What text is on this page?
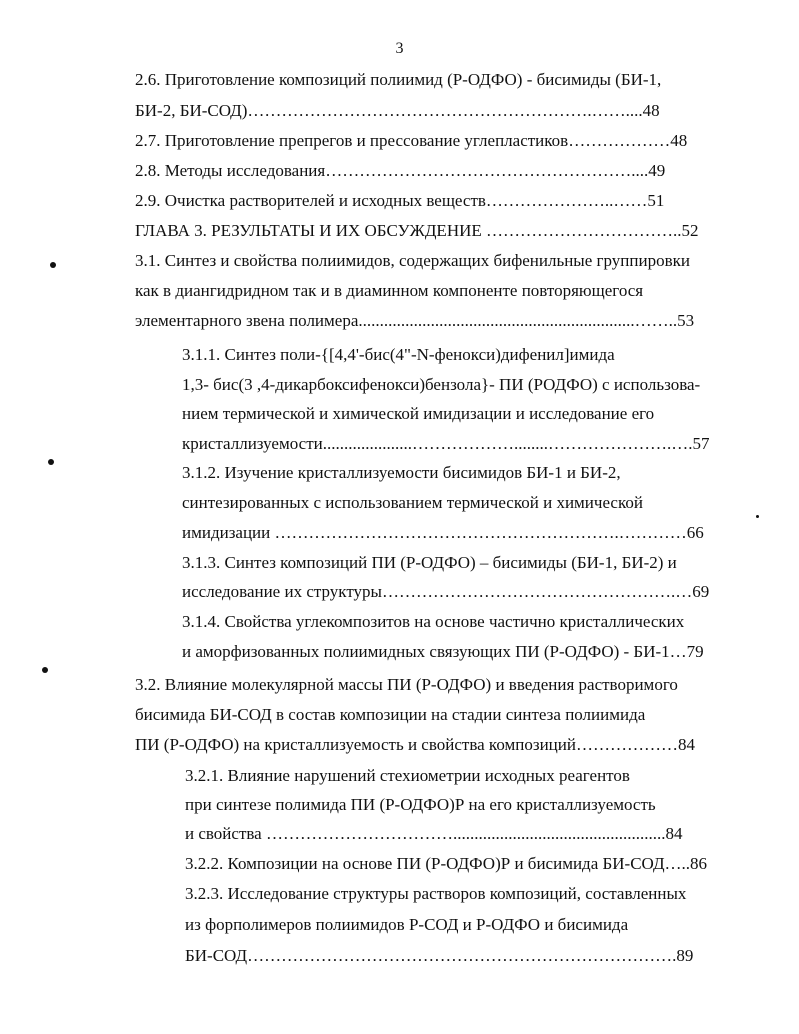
3
2.6. Приготовление композиций полиимид (Р-ОДФО) - бисимиды (БИ-1,
БИ-2, БИ-СОД)…………………………………………………….……....48
2.7. Приготовление препрегов и прессование углепластиков………………48
2.8. Методы исследования………………………………………………....49
2.9. Очистка растворителей и исходных веществ…………………..……51
ГЛАВА 3. РЕЗУЛЬТАТЫ И ИХ ОБСУЖДЕНИЕ ……………………………..52
3.1. Синтез и свойства полиимидов, содержащих бифенильные группировки
как в диангидридном так и в диаминном компоненте повторяющегося
элементарного звена полимера.................................................................……..53
3.1.1. Синтез поли-{[4,4'-бис(4"-N-фенокси)дифенил]имида
1,3- бис(3 ,4-дикарбоксифенокси)бензола}- ПИ (РОДФО) с использова-
нием термической и химической имидизации и исследование его
кристаллизуемости.....................………………........………………….….57
3.1.2. Изучение кристаллизуемости бисимидов БИ-1 и БИ-2,
синтезированных с использованием термической и химической
имидизации …………………………………………………….…………66
3.1.3. Синтез композиций ПИ (Р-ОДФО) – бисимиды (БИ-1, БИ-2) и
исследование их структуры…………………………………………….…69
3.1.4. Свойства углекомпозитов на основе частично кристаллических
и аморфизованных полиимидных связующих ПИ (Р-ОДФО) - БИ-1…79
3.2. Влияние молекулярной массы ПИ (Р-ОДФО) и введения растворимого
бисимида БИ-СОД в состав композиции на стадии синтеза полиимида
ПИ (Р-ОДФО) на кристаллизуемость и свойства композиций………………84
3.2.1. Влияние нарушений стехиометрии исходных реагентов
при синтезе полимида ПИ (Р-ОДФО)Р на его кристаллизуемость
и свойства ……………………………..................................................84
3.2.2. Композиции на основе ПИ (Р-ОДФО)Р и бисимида БИ-СОД…..86
3.2.3. Исследование структуры растворов композиций, составленных
из форполимеров полиимидов Р-СОД и Р-ОДФО и бисимида
БИ-СОД………………………………………………………………….89
